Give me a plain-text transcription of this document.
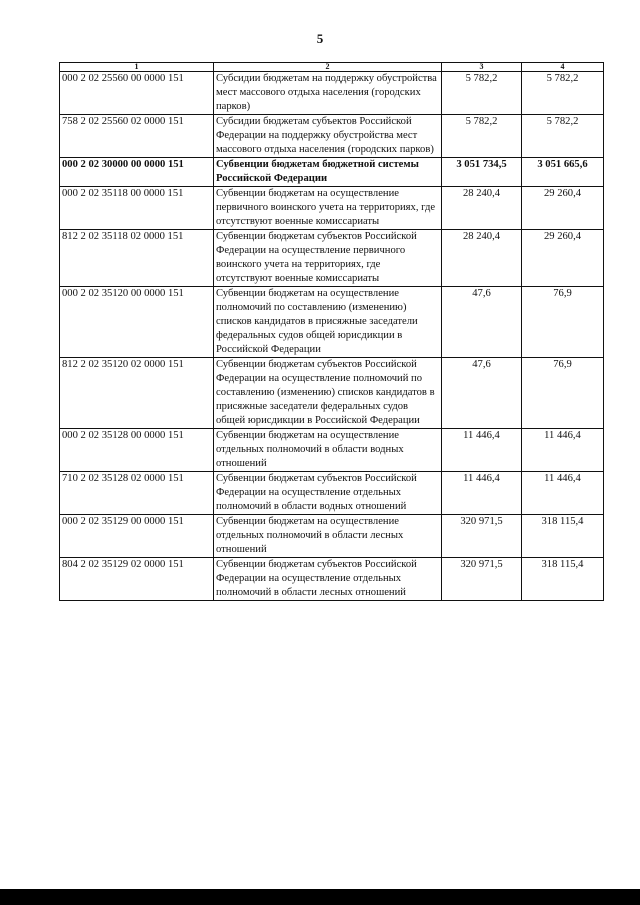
5
1	2	3	4
000 2 02 25560 00 0000 151	Субсидии бюджетам на поддержку обустройства мест массового отдыха населения (городских парков)	5 782,2	5 782,2
758 2 02 25560 02 0000 151	Субсидии бюджетам субъектов Российской Федерации на поддержку обустройства мест массового отдыха населения (городских парков)	5 782,2	5 782,2
000 2 02 30000 00 0000 151	Субвенции бюджетам бюджетной системы Российской Федерации	3 051 734,5	3 051 665,6
000 2 02 35118 00 0000 151	Субвенции бюджетам на осуществление первичного воинского учета на территориях, где отсутствуют военные комиссариаты	28 240,4	29 260,4
812 2 02 35118 02 0000 151	Субвенции бюджетам субъектов Российской Федерации на осуществление первичного воинского учета на территориях, где отсутствуют военные комиссариаты	28 240,4	29 260,4
000 2 02 35120 00 0000 151	Субвенции бюджетам на осуществление полномочий по составлению (изменению) списков кандидатов в присяжные заседатели федеральных судов общей юрисдикции в Российской Федерации	47,6	76,9
812 2 02 35120 02 0000 151	Субвенции бюджетам субъектов Российской Федерации на осуществление полномочий по составлению (изменению) списков кандидатов в присяжные заседатели федеральных судов общей юрисдикции в Российской Федерации	47,6	76,9
000 2 02 35128 00 0000 151	Субвенции бюджетам на осуществление отдельных полномочий в области водных отношений	11 446,4	11 446,4
710 2 02 35128 02 0000 151	Субвенции бюджетам субъектов Российской Федерации на осуществление отдельных полномочий в области водных отношений	11 446,4	11 446,4
000 2 02 35129 00 0000 151	Субвенции бюджетам на осуществление отдельных полномочий в области лесных отношений	320 971,5	318 115,4
804 2 02 35129 02 0000 151	Субвенции бюджетам субъектов Российской Федерации на осуществление отдельных полномочий в области лесных отношений	320 971,5	318 115,4
